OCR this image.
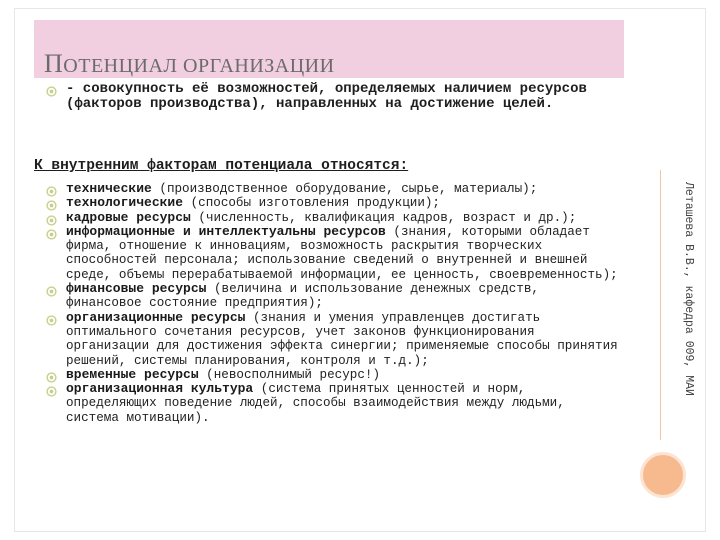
ПОТЕНЦИАЛ ОРГАНИЗАЦИИ
- совокупность её возможностей, определяемых наличием ресурсов (факторов производства), направленных на достижение целей.
К внутренним факторам потенциала относятся:
технические (производственное оборудование, сырье, материалы);
технологические (способы изготовления продукции);
кадровые ресурсы (численность, квалификация кадров, возраст и др.);
информационные и интеллектуальны ресурсов (знания, которыми обладает фирма, отношение к инновациям, возможность раскрытия творческих способностей персонала; использование сведений о внутренней и внешней среде, объемы перерабатываемой информации, ее ценность, своевременность);
финансовые ресурсы (величина и использование денежных средств, финансовое состояние предприятия);
организационные ресурсы (знания и умения управленцев достигать оптимального сочетания ресурсов, учет законов функционирования организации для достижения эффекта синергии; применяемые способы принятия решений, системы планирования, контроля и т.д.);
временные ресурсы (невосполнимый ресурс!)
организационная культура (система принятых ценностей и норм, определяющих поведение людей, способы взаимодействия между людьми, система мотивации).
Леташева В.В., кафедра 009, МАИ
